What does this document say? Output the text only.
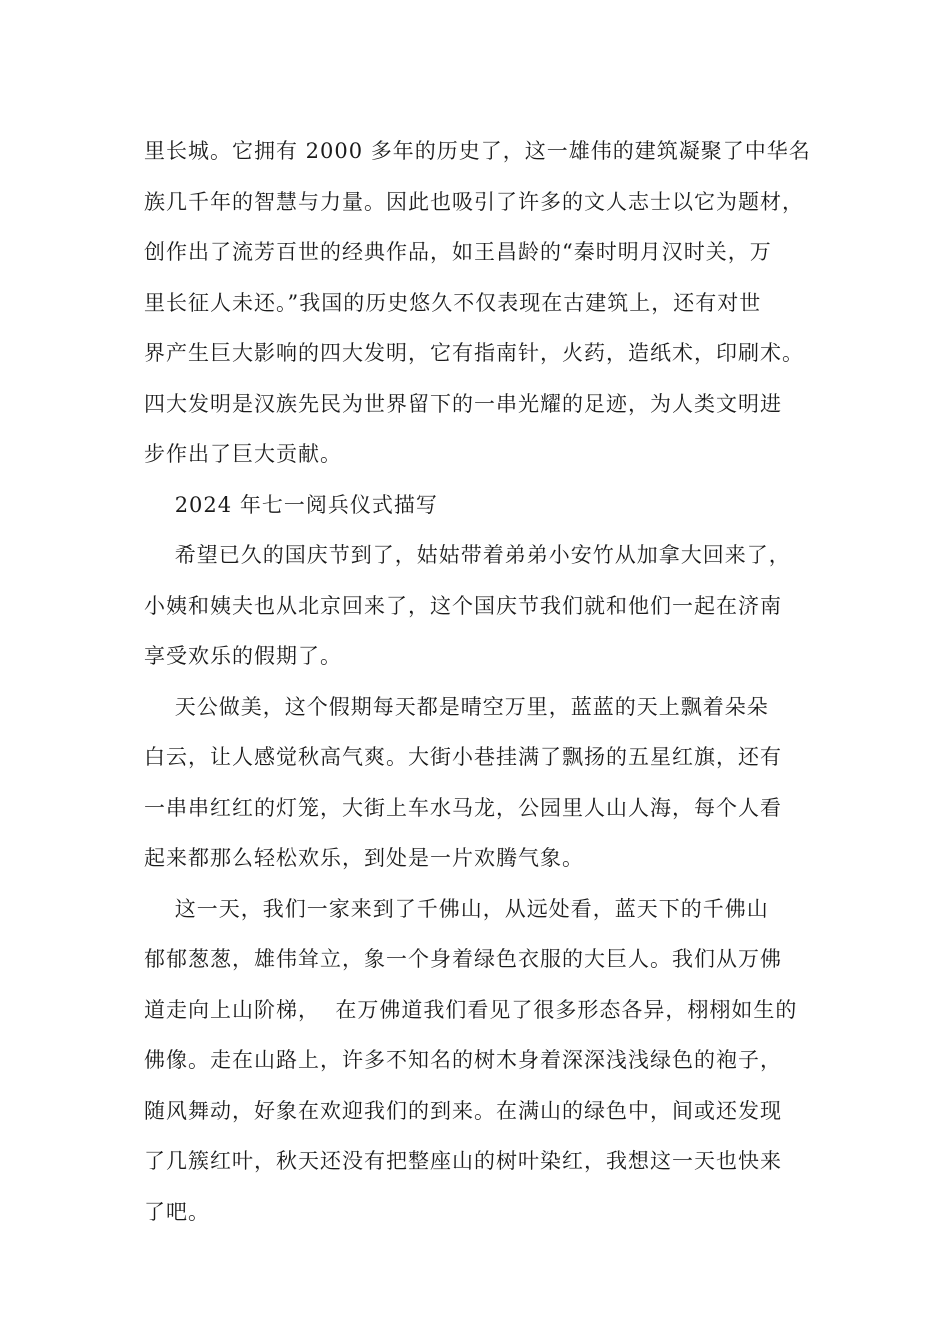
里长城。它拥有 2000 多年的历史了，这一雄伟的建筑凝聚了中华名
族几千年的智慧与力量。因此也吸引了许多的文人志士以它为题材，
创作出了流芳百世的经典作品，如王昌龄的“秦时明月汉时关，万
里长征人未还。”我国的历史悠久不仅表现在古建筑上，还有对世
界产生巨大影响的四大发明，它有指南针，火药，造纸术，印刷术。
四大发明是汉族先民为世界留下的一串光耀的足迹，为人类文明进
步作出了巨大贡献。
2024 年七一阅兵仪式描写
希望已久的国庆节到了，姑姑带着弟弟小安竹从加拿大回来了，
小姨和姨夫也从北京回来了，这个国庆节我们就和他们一起在济南
享受欢乐的假期了。
天公做美，这个假期每天都是晴空万里，蓝蓝的天上飘着朵朵
白云，让人感觉秋高气爽。大街小巷挂满了飘扬的五星红旗，还有
一串串红红的灯笼，大街上车水马龙，公园里人山人海，每个人看
起来都那么轻松欢乐，到处是一片欢腾气象。
这一天，我们一家来到了千佛山，从远处看，蓝天下的千佛山
郁郁葱葱，雄伟耸立，象一个身着绿色衣服的大巨人。我们从万佛
道走向上山阶梯，  在万佛道我们看见了很多形态各异，栩栩如生的
佛像。走在山路上，许多不知名的树木身着深深浅浅绿色的袍子，
随风舞动，好象在欢迎我们的到来。在满山的绿色中，间或还发现
了几簇红叶，秋天还没有把整座山的树叶染红，我想这一天也快来
了吧。
